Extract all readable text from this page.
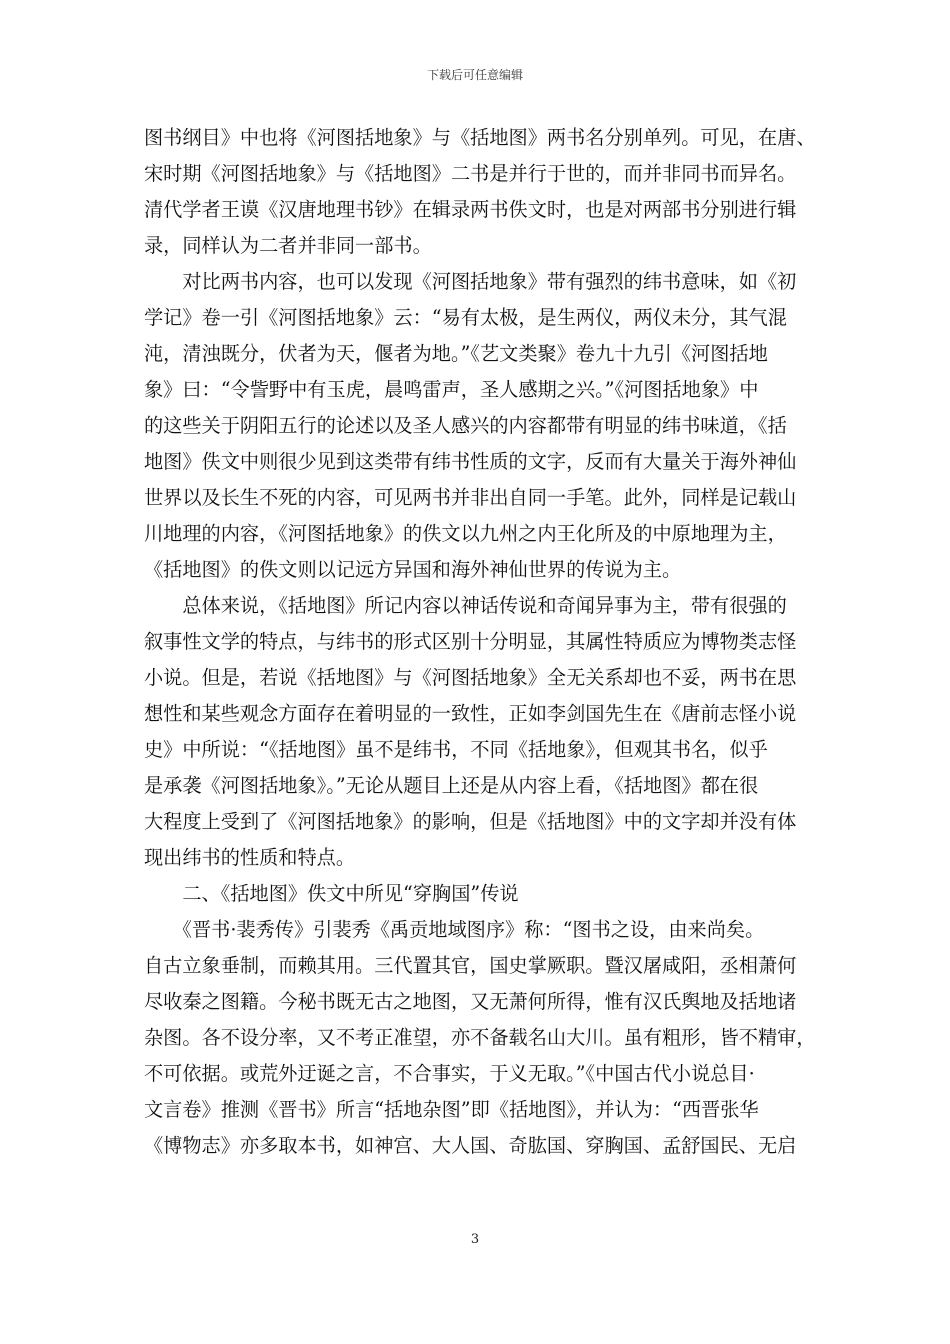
下载后可任意编辑
图书纲目》中也将《河图括地象》与《括地图》两书名分别单列。可见，在唐、
宋时期《河图括地象》与《括地图》二书是并行于世的，而并非同书而异名。
清代学者王谟《汉唐地理书钞》在辑录两书佚文时，也是对两部书分别进行辑
录，同样认为二者并非同一部书。
　　对比两书内容，也可以发现《河图括地象》带有强烈的纬书意味，如《初
学记》卷一引《河图括地象》云：“易有太极，是生两仪，两仪未分，其气混
沌，清浊既分，伏者为天，偃者为地。”《艺文类聚》卷九十九引《河图括地
象》曰：“令訾野中有玉虎，晨鸣雷声，圣人感期之兴。”《河图括地象》中
的这些关于阴阳五行的论述以及圣人感兴的内容都带有明显的纬书味道，《括
地图》佚文中则很少见到这类带有纬书性质的文字，反而有大量关于海外神仙
世界以及长生不死的内容，可见两书并非出自同一手笔。此外，同样是记载山
川地理的内容，《河图括地象》的佚文以九州之内王化所及的中原地理为主，
《括地图》的佚文则以记远方异国和海外神仙世界的传说为主。
　　总体来说，《括地图》所记内容以神话传说和奇闻异事为主，带有很强的
叙事性文学的特点，与纬书的形式区别十分明显，其属性特质应为博物类志怪
小说。但是，若说《括地图》与《河图括地象》全无关系却也不妥，两书在思
想性和某些观念方面存在着明显的一致性，正如李剑国先生在《唐前志怪小说
史》中所说：“《括地图》虽不是纬书，不同《括地象》，但观其书名，似乎
是承袭《河图括地象》。”无论从题目上还是从内容上看，《括地图》都在很
大程度上受到了《河图括地象》的影响，但是《括地图》中的文字却并没有体
现出纬书的性质和特点。
　　二、《括地图》佚文中所见“穿胸国”传说
　　《晋书·裴秀传》引裴秀《禹贡地域图序》称：“图书之设，由来尚矣。
自古立象垂制，而赖其用。三代置其官，国史掌厥职。暨汉屠咸阳，丞相萧何
尽收秦之图籍。今秘书既无古之地图，又无萧何所得，惟有汉氏舆地及括地诸
杂图。各不设分率，又不考正准望，亦不备载名山大川。虽有粗形，皆不精审，
不可依据。或荒外迂诞之言，不合事实，于义无取。”《中国古代小说总目·
文言卷》推测《晋书》所言“括地杂图”即《括地图》，并认为：“西晋张华
《博物志》亦多取本书，如神宫、大人国、奇肱国、穿胸国、孟舒国民、无启
3
